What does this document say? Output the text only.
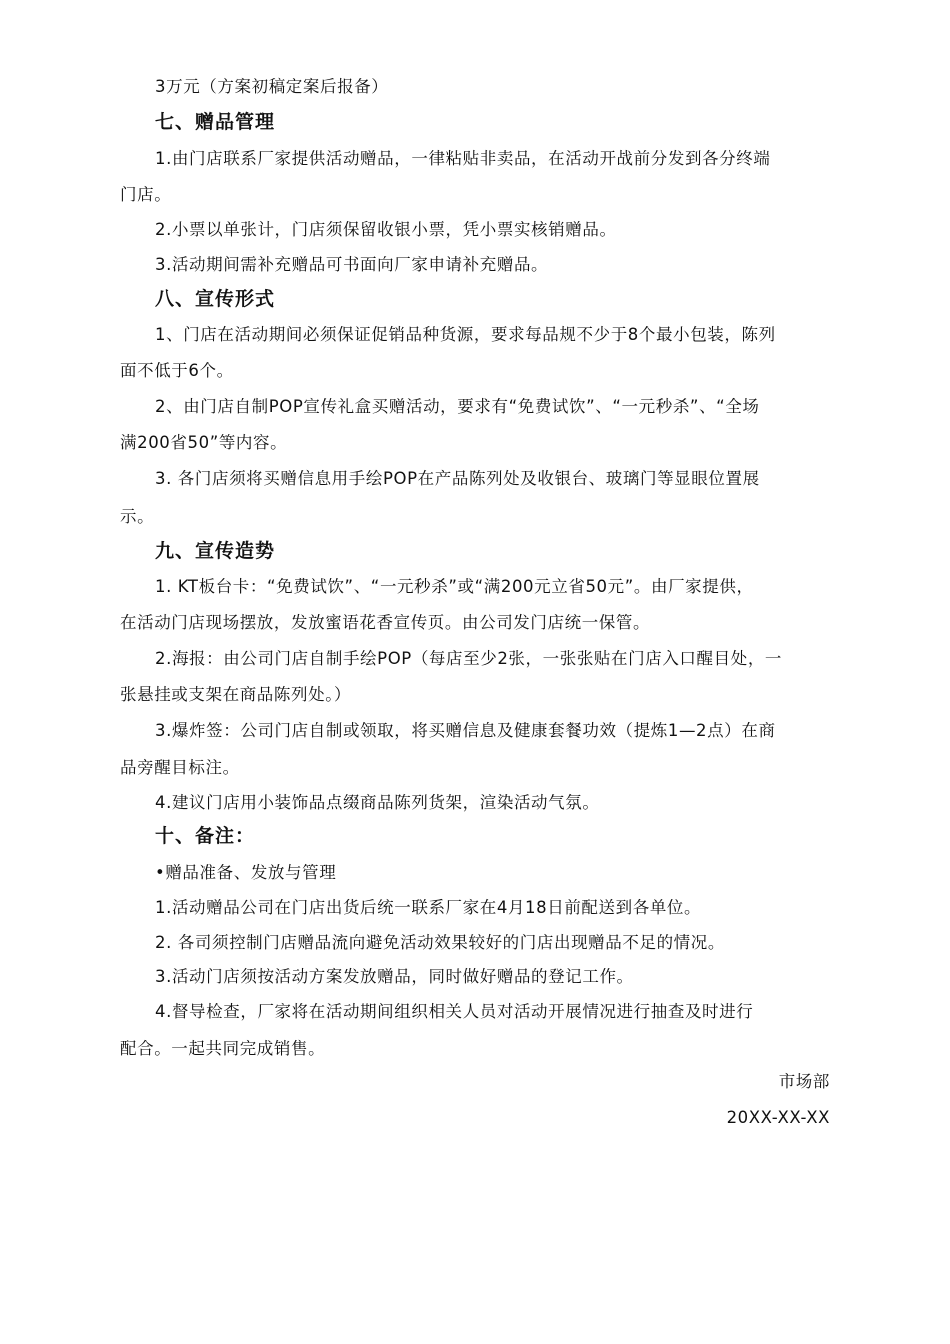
3万元（方案初稿定案后报备）
七、赠品管理
1.由门店联系厂家提供活动赠品，一律粘贴非卖品，在活动开战前分发到各分终端
门店。
2.小票以单张计，门店须保留收银小票，凭小票实核销赠品。
3.活动期间需补充赠品可书面向厂家申请补充赠品。
八、宣传形式
1、门店在活动期间必须保证促销品种货源，要求每品规不少于8个最小包装，陈列
面不低于6个。
2、由门店自制POP宣传礼盒买赠活动，要求有“免费试饮”、“一元秒杀”、“全场
满200省50”等内容。
3. 各门店须将买赠信息用手绘POP在产品陈列处及收银台、玻璃门等显眼位置展
示。
九、宣传造势
1. KT板台卡：“免费试饮”、“一元秒杀”或“满200元立省50元”。由厂家提供，
在活动门店现场摆放，发放蜜语花香宣传页。由公司发门店统一保管。
2.海报：由公司门店自制手绘POP（每店至少2张，一张张贴在门店入口醒目处，一
张悬挂或支架在商品陈列处。）
3.爆炸签：公司门店自制或领取，将买赠信息及健康套餐功效（提炼1—2点）在商
品旁醒目标注。
4.建议门店用小装饰品点缀商品陈列货架，渲染活动气氛。
十、备注：
•赠品准备、发放与管理
1.活动赠品公司在门店出货后统一联系厂家在4月18日前配送到各单位。
2. 各司须控制门店赠品流向避免活动效果较好的门店出现赠品不足的情况。
3.活动门店须按活动方案发放赠品，同时做好赠品的登记工作。
4.督导检查，厂家将在活动期间组织相关人员对活动开展情况进行抽查及时进行
配合。一起共同完成销售。
市场部
20XX-XX-XX
